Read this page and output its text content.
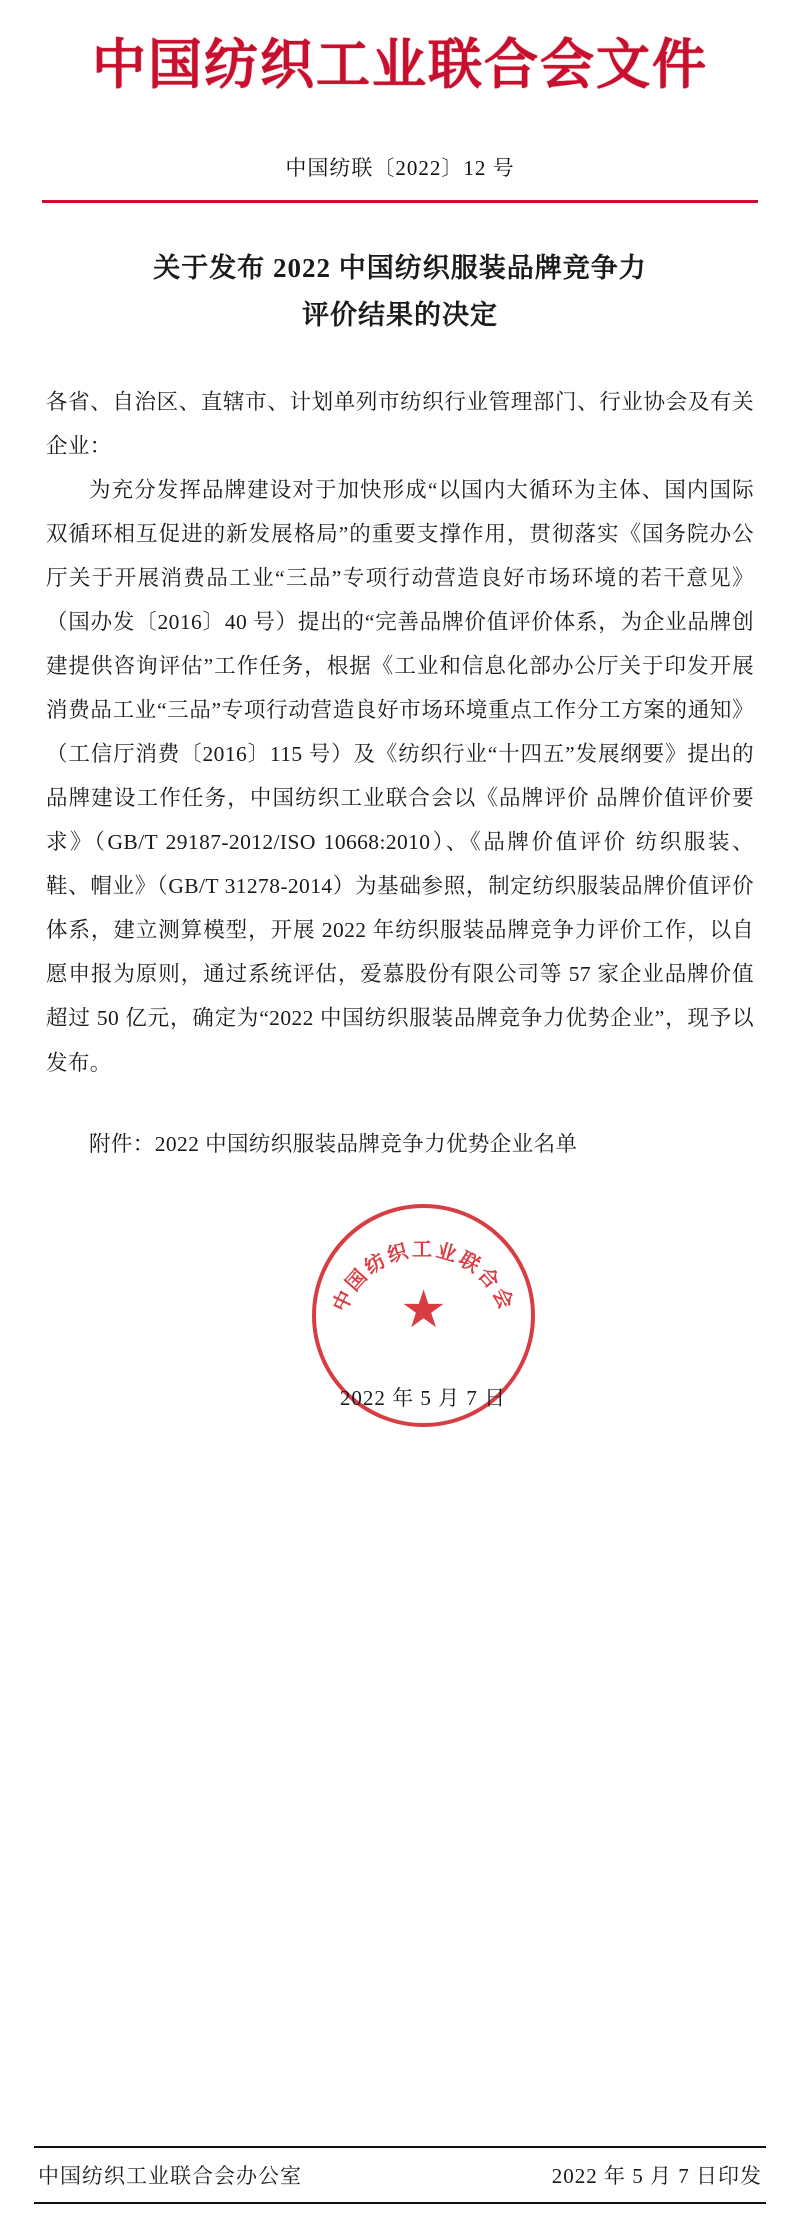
中国纺织工业联合会文件
中国纺联〔2022〕12 号
关于发布 2022 中国纺织服装品牌竞争力
评价结果的决定

各省、自治区、直辖市、计划单列市纺织行业管理部门、行业协会及有关企业：

为充分发挥品牌建设对于加快形成“以国内大循环为主体、国内国际双循环相互促进的新发展格局”的重要支撑作用，贯彻落实《国务院办公厅关于开展消费品工业“三品”专项行动营造良好市场环境的若干意见》（国办发〔2016〕40 号）提出的“完善品牌价值评价体系，为企业品牌创建提供咨询评估”工作任务，根据《工业和信息化部办公厅关于印发开展消费品工业“三品”专项行动营造良好市场环境重点工作分工方案的通知》（工信厅消费〔2016〕115 号）及《纺织行业“十四五”发展纲要》提出的品牌建设工作任务，中国纺织工业联合会以《品牌评价 品牌价值评价要求》（GB/T 29187-2012/ISO 10668:2010）、《品牌价值评价 纺织服装、鞋、帽业》（GB/T 31278-2014）为基础参照，制定纺织服装品牌价值评价体系，建立测算模型，开展 2022 年纺织服装品牌竞争力评价工作，以自愿申报为原则，通过系统评估，爱慕股份有限公司等 57 家企业品牌价值超过 50 亿元，确定为“2022 中国纺织服装品牌竞争力优势企业”，现予以发布。

附件：2022 中国纺织服装品牌竞争力优势企业名单
中国纺织工业联合会
★
2022 年 5 月 7 日
中国纺织工业联合会办公室	2022 年 5 月 7 日印发
